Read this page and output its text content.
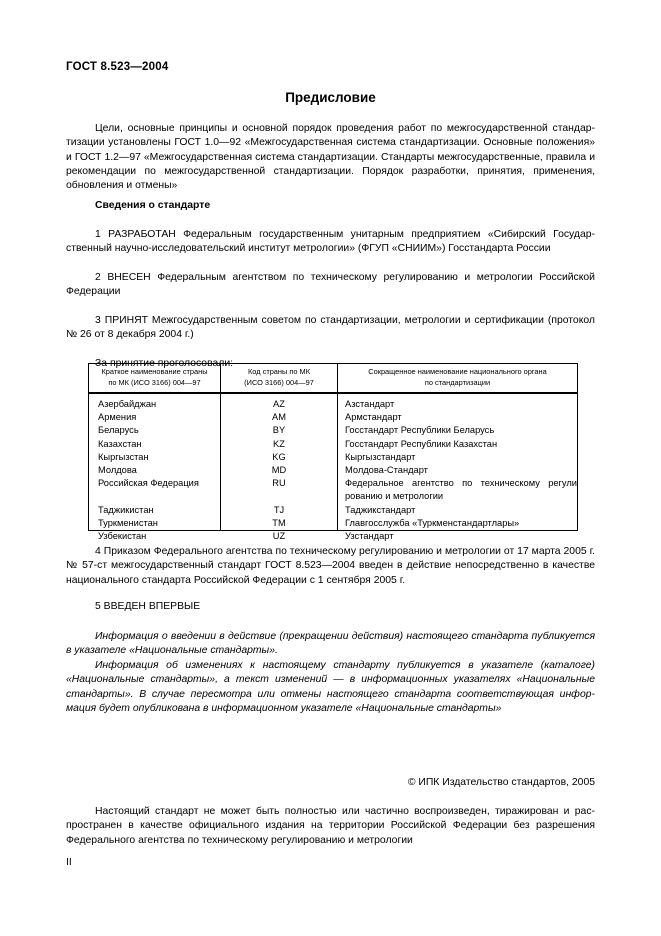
ГОСТ 8.523—2004
Предисловие
Цели, основные принципы и основной порядок проведения работ по межгосударственной стандартизации установлены ГОСТ 1.0—92 «Межгосударственная система стандартизации. Основные положения» и ГОСТ 1.2—97 «Межгосударственная система стандартизации. Стандарты межгосударственные, правила и рекомендации по межгосударственной стандартизации. Порядок разработки, принятия, применения, обновления и отмены»
Сведения о стандарте
1 РАЗРАБОТАН Федеральным государственным унитарным предприятием «Сибирский Государственный научно-исследовательский институт метрологии» (ФГУП «СНИИМ») Госстандарта России
2 ВНЕСЕН Федеральным агентством по техническому регулированию и метрологии Российской Федерации
3 ПРИНЯТ Межгосударственным советом по стандартизации, метрологии и сертификации (протокол № 26 от 8 декабря 2004 г.)
Краткое наименование страны
по МК (ИСО 3166) 004—97
Код страны по МК
(ИСО 3166) 004—97
Сокращенное наименование национального органа
по стандартизации
Азербайджан
Армения
Беларусь
Казахстан
Кыргызстан
Молдова
Российская Федерация
Таджикистан
Туркменистан
Узбекистан
AZ
AM
BY
KZ
KG
MD
RU
TJ
TM
UZ
Азстандарт
Армстандарт
Госстандарт Республики Беларусь
Госстандарт Республики Казахстан
Кыргызстандарт
Молдова-Стандарт
Федеральное агентство по техническому регули
рованию и метрологии
Таджикстандарт
Главгосслужба «Туркменстандартлары»
Узстандарт
4 Приказом Федерального агентства по техническому регулированию и метрологии от 17 марта 2005 г. № 57-ст межгосударственный стандарт ГОСТ 8.523—2004 введен в действие непосредственно в качестве национального стандарта Российской Федерации с 1 сентября 2005 г.
5 ВВЕДЕН ВПЕРВЫЕ
Информация о введении в действие (прекращении действия) настоящего стандарта публикуется в указателе «Национальные стандарты».
Информация об изменениях к настоящему стандарту публикуется в указателе (каталоге) «Национальные стандарты», а текст изменений — в информационных указателях «Национальные стандарты». В случае пересмотра или отмены настоящего стандарта соответствующая информация будет опубликована в информационном указателе «Национальные стандарты»
© ИПК Издательство стандартов, 2005
Настоящий стандарт не может быть полностью или частично воспроизведен, тиражирован и распространен в качестве официального издания на территории Российской Федерации без разрешения Федерального агентства по техническому регулированию и метрологии
II
